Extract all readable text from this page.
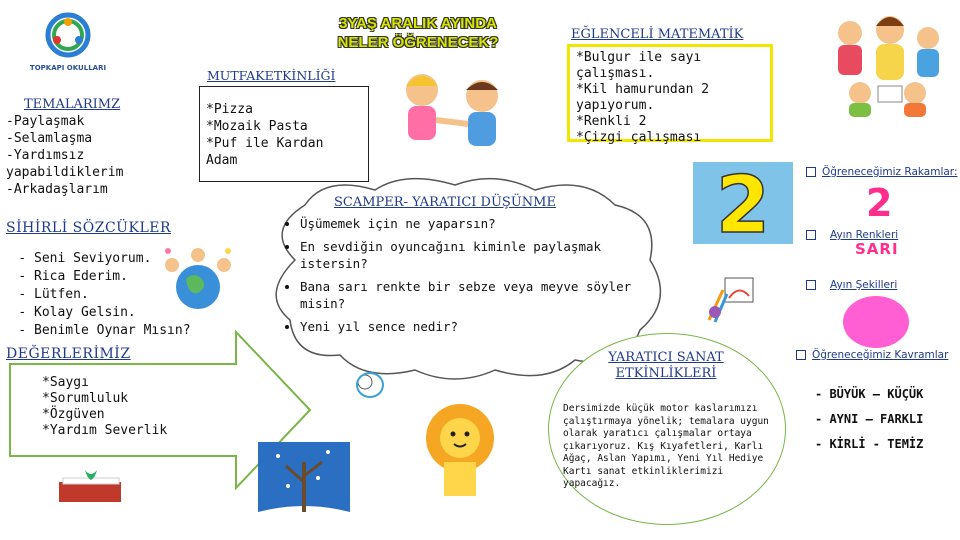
TOPKAPI OKULLARI
3YAŞ ARALIK AYINDA
NELER ÖĞRENECEK?	EĞLENCELİ MATEMATİK
*Bulgur ile sayı çalışması.
*Kil hamurundan 2
yapıyorum.
*Renkli 2
*Çizgi çalışması
MUTFAKETKİNLİĞİ
*Pizza
*Mozaik Pasta
*Puf ile Kardan Adam
TEMALARIMZ
-Paylaşmak
-Selamlaşma
-Yardımsız yapabildiklerim
-Arkadaşlarım	2	Öğreneceğimiz Rakamlar:
2
Ayın Renkleri
SARI
Ayın Şekilleri
Öğreneceğimiz Kavramlar
- BÜYÜK – KÜÇÜK
- AYNI – FARKLI
- KİRLİ - TEMİZ
SCAMPER- YARATICI DÜŞÜNME
• Üşümemek için ne yaparsın?
• En sevdiğin oyuncağını kiminle paylaşmak istersin?
• Bana sarı renkte bir sebze veya meyve söyler misin?
• Yeni yıl sence nedir?
SİHİRLİ SÖZCÜKLER
- Seni Seviyorum.
- Rica Ederim.
- Lütfen.
- Kolay Gelsin.
- Benimle Oynar Mısın?
DEĞERLERİMİZ
*Saygı
*Sorumluluk
*Özgüven
*Yardım Severlik
YARATICI SANAT
ETKİNLİKLERİ
Dersimizde küçük motor kaslarımızı çalıştırmaya yönelik; temalara uygun olarak yaratıcı çalışmalar ortaya çıkarıyoruz. Kış Kıyafetleri, Karlı Ağaç, Aslan Yapımı, Yeni Yıl Hediye Kartı sanat etkinliklerimizi yapacağız.
